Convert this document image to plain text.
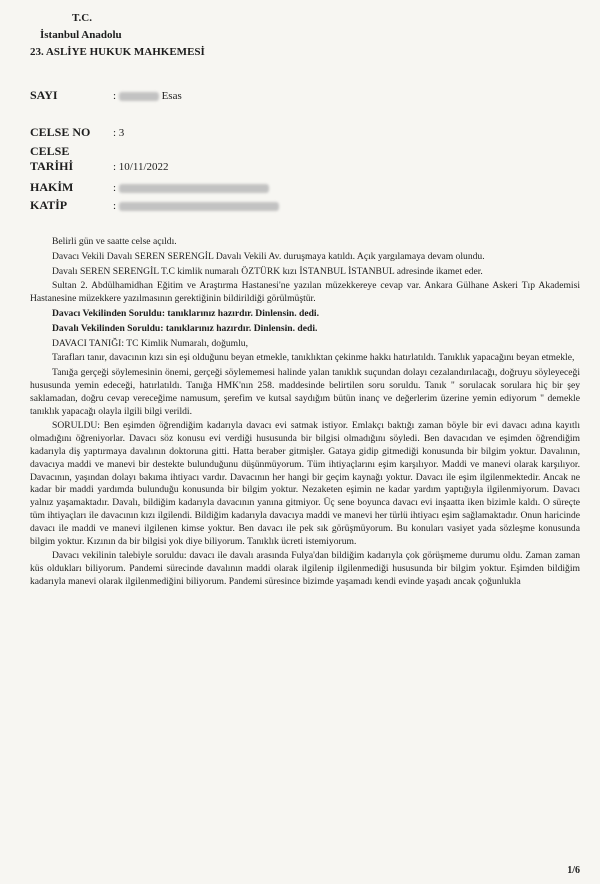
T.C.
İstanbul Anadolu
23. ASLİYE HUKUK MAHKEMESİ
SAYI	:	Esas
CELSE NO : 3
CELSE TARİHİ	: 10/11/2022
HAKİM	:
KATİP	:

Belirli gün ve saatte celse açıldı.

Davacı Vekili Davalı SEREN SERENGİL Davalı Vekili Av. duruşmaya katıldı. Açık yargılamaya devam olundu.

Davalı SEREN SERENGİL T.C kimlik numaralı ÖZTÜRK kızı İSTANBUL İSTANBUL adresinde ikamet eder.

Sultan 2. Abdülhamidhan Eğitim ve Araştırma Hastanesi'ne yazılan müzekkereye cevap var. Ankara Gülhane Askeri Tıp Akademisi Hastanesine müzekkere yazılmasının gerektiğinin bildirildiği görülmüştür.

Davacı Vekilinden Soruldu: tanıklarınız hazırdır. Dinlensin. dedi.

Davalı Vekilinden Soruldu: tanıklarınız hazırdır. Dinlensin. dedi.

DAVACI TANIĞI: TC Kimlik Numaralı, doğumlu,

Tarafları tanır, davacının kızı sin eşi olduğunu beyan etmekle, tanıklıktan çekinme hakkı hatırlatıldı. Tanıklık yapacağını beyan etmekle,

Tanığa gerçeği söylemesinin önemi, gerçeği söylememesi halinde yalan tanıklık suçundan dolayı cezalandırılacağı, doğruyu söyleyeceği hususunda yemin edeceği, hatırlatıldı. Tanığa HMK'nın 258. maddesinde belirtilen soru soruldu. Tanık " sorulacak sorulara hiç bir şey saklamadan, doğru cevap vereceğime namusum, şerefim ve kutsal saydığım bütün inanç ve değerlerim üzerine yemin ediyorum " demekle tanıklık yapacağı olayla ilgili bilgi verildi.

SORULDU: Ben eşimden öğrendiğim kadarıyla davacı evi satmak istiyor. Emlakçı baktığı zaman böyle bir evi davacı adına kayıtlı olmadığını öğreniyorlar. Davacı söz konusu evi verdiği hususunda bir bilgisi olmadığını söyledi. Ben davacıdan ve eşimden öğrendiğim kadarıyla diş yaptırmaya davalının doktoruna gitti. Hatta beraber gitmişler. Gataya gidip gitmediği konusunda bir bilgim yoktur. Davalının, davacıya maddi ve manevi bir destekte bulunduğunu düşünmüyorum. Tüm ihtiyaçlarını eşim karşılıyor. Maddi ve manevi olarak karşılıyor. Davacının, yaşından dolayı bakıma ihtiyacı vardır. Davacının her hangi bir geçim kaynağı yoktur. Davacı ile eşim ilgilenmektedir. Ancak ne kadar bir maddi yardımda bulunduğu konusunda bir bilgim yoktur. Nezaketen eşimin ne kadar yardım yaptığıyla ilgilenmiyorum. Davacı yalnız yaşamaktadır. Davalı, bildiğim kadarıyla davacının yanına gitmiyor. Üç sene boyunca davacı evi inşaatta iken bizimle kaldı. O süreçte tüm ihtiyaçları ile davacının kızı ilgilendi. Bildiğim kadarıyla davacıya maddi ve manevi her türlü ihtiyacı eşim sağlamaktadır. Onun haricinde davacı ile maddi ve manevi ilgilenen kimse yoktur. Ben davacı ile pek sık görüşmüyorum. Bu konuları vasiyet yada sözleşme konusunda bilgim yoktur. Kızının da bir bilgisi yok diye biliyorum. Tanıklık ücreti istemiyorum.

Davacı vekilinin talebiyle soruldu: davacı ile davalı arasında Fulya'dan bildiğim kadarıyla çok görüşmeme durumu oldu. Zaman zaman küs oldukları biliyorum. Pandemi sürecinde davalının maddi olarak ilgilenip ilgilenmediği hususunda bir bilgim yoktur. Eşimden bildiğim kadarıyla manevi olarak ilgilenmediğini biliyorum. Pandemi süresince bizimde yaşamadı kendi evinde yaşadı ancak çoğunlukla

1/6
